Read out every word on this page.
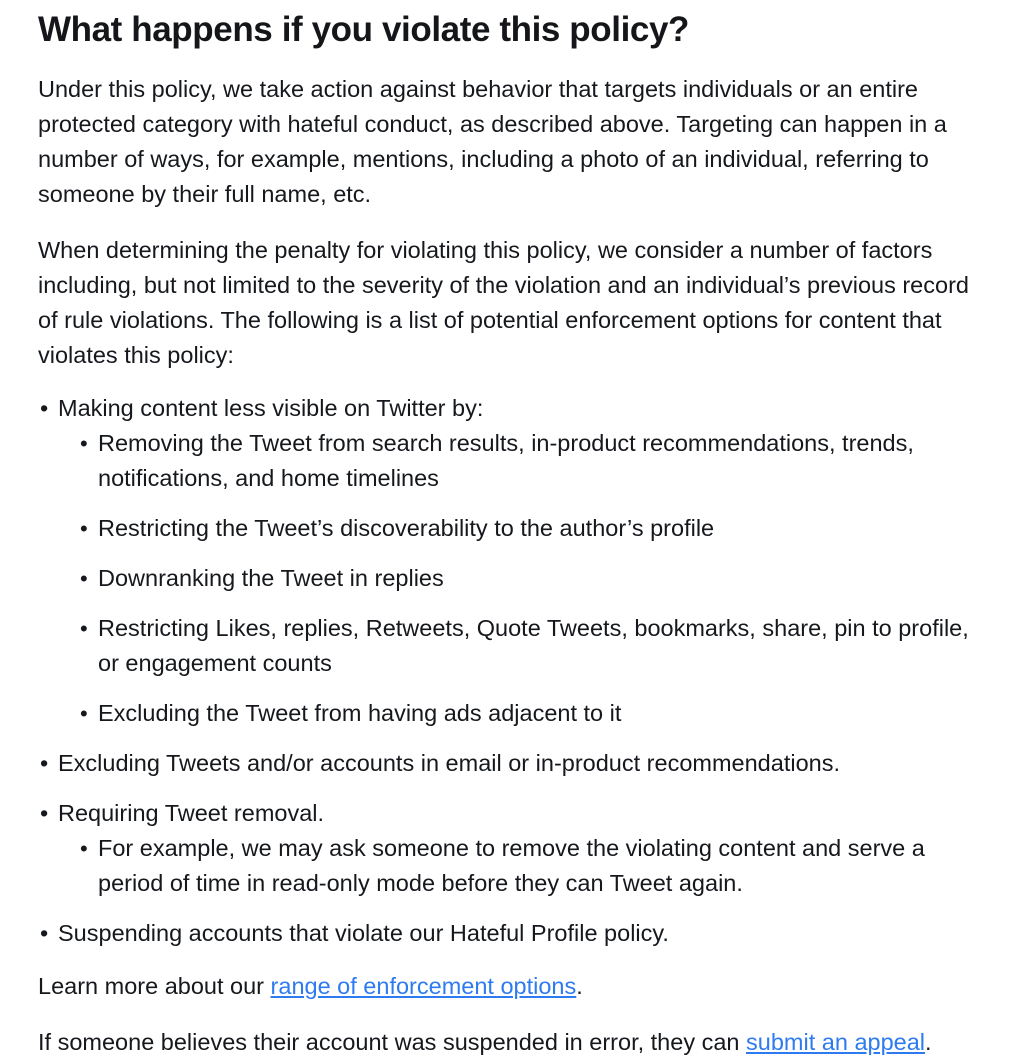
What happens if you violate this policy?

Under this policy, we take action against behavior that targets individuals or an entire protected category with hateful conduct, as described above. Targeting can happen in a number of ways, for example, mentions, including a photo of an individual, referring to someone by their full name, etc.

When determining the penalty for violating this policy, we consider a number of factors including, but not limited to the severity of the violation and an individual’s previous record of rule violations. The following is a list of potential enforcement options for content that violates this policy:

• Making content less visible on Twitter by:
• Removing the Tweet from search results, in-product recommendations, trends, notifications, and home timelines
• Restricting the Tweet’s discoverability to the author’s profile
• Downranking the Tweet in replies
• Restricting Likes, replies, Retweets, Quote Tweets, bookmarks, share, pin to profile, or engagement counts
• Excluding the Tweet from having ads adjacent to it
• Excluding Tweets and/or accounts in email or in-product recommendations.
• Requiring Tweet removal.
• For example, we may ask someone to remove the violating content and serve a period of time in read-only mode before they can Tweet again.
• Suspending accounts that violate our Hateful Profile policy.

Learn more about our range of enforcement options.

If someone believes their account was suspended in error, they can submit an appeal.
